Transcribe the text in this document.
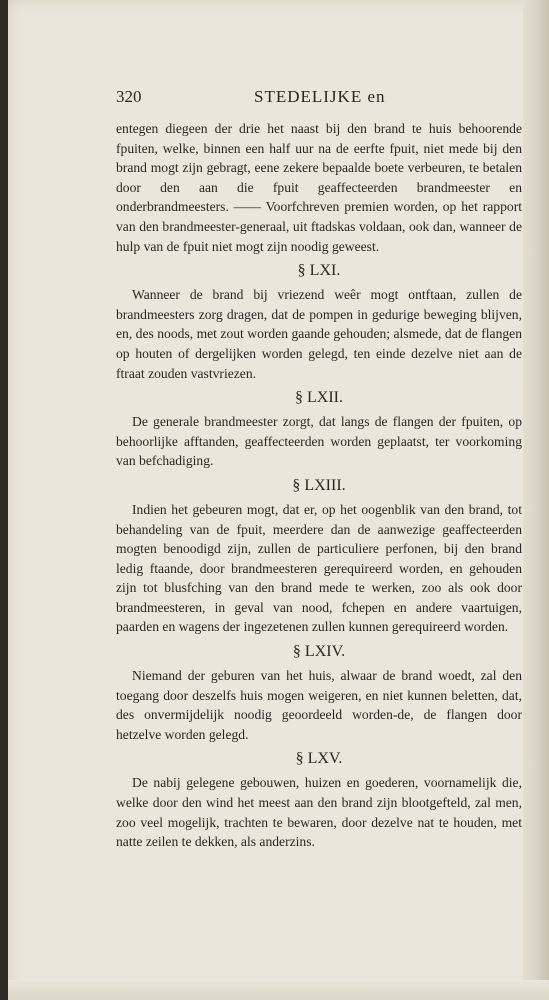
320	STEDELIJKE en

entegen diegeen der drie het naast bij den brand te huis behoorende fpuiten, welke, binnen een half uur na de eerfte fpuit, niet mede bij den brand mogt zijn gebragt, eene zekere bepaalde boete verbeuren, te betalen door den aan die fpuit geaffecteerden brandmeester en onderbrandmeesters. —— Voorfchreven premien worden, op het rapport van den brandmeester-generaal, uit ftadskas voldaan, ook dan, wanneer de hulp van de fpuit niet mogt zijn noodig geweest.

§ LXI.

Wanneer de brand bij vriezend weêr mogt ontftaan, zullen de brandmeesters zorg dragen, dat de pompen in gedurige beweging blijven, en, des noods, met zout worden gaande gehouden; alsmede, dat de flangen op houten of dergelijken worden gelegd, ten einde dezelve niet aan de ftraat zouden vastvriezen.

§ LXII.

De generale brandmeester zorgt, dat langs de flangen der fpuiten, op behoorlijke afftanden, geaffecteerden worden geplaatst, ter voorkoming van befchadiging.

§ LXIII.

Indien het gebeuren mogt, dat er, op het oogenblik van den brand, tot behandeling van de fpuit, meerdere dan de aanwezige geaffecteerden mogten benoodigd zijn, zullen de particuliere perfonen, bij den brand ledig ftaande, door brandmeesteren gerequireerd worden, en gehouden zijn tot blusfching van den brand mede te werken, zoo als ook door brandmeesteren, in geval van nood, fchepen en andere vaartuigen, paarden en wagens der ingezetenen zullen kunnen gerequireerd worden.

§ LXIV.

Niemand der geburen van het huis, alwaar de brand woedt, zal den toegang door deszelfs huis mogen weigeren, en niet kunnen beletten, dat, des onvermijdelijk noodig geoordeeld worden-de, de flangen door hetzelve worden gelegd.

§ LXV.

De nabij gelegene gebouwen, huizen en goederen, voornamelijk die, welke door den wind het meest aan den brand zijn blootgefteld, zal men, zoo veel mogelijk, trachten te bewaren, door dezelve nat te houden, met natte zeilen te dekken, als anderzins.
